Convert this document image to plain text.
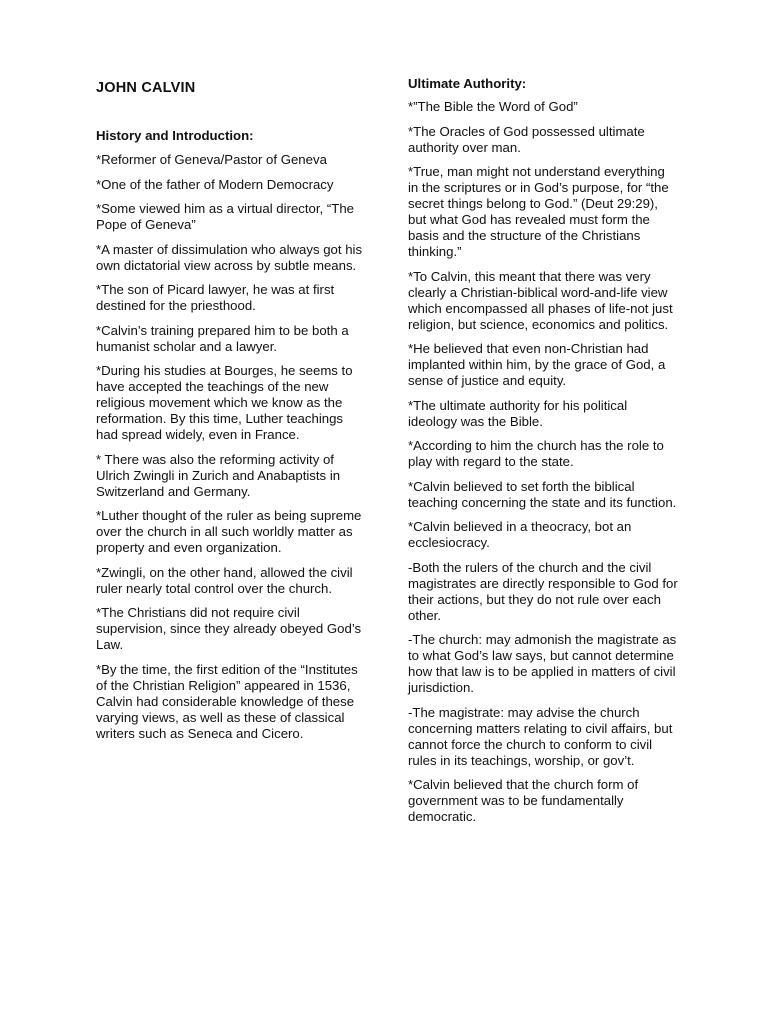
JOHN CALVIN
History and Introduction:
*Reformer of Geneva/Pastor of Geneva
*One of the father of Modern Democracy
*Some viewed him as a virtual director, “The Pope of Geneva”
*A master of dissimulation who always got his own dictatorial view across by subtle means.
*The son of Picard lawyer, he was at first destined for the priesthood.
*Calvin’s training prepared him to be both a humanist scholar and a lawyer.
*During his studies at Bourges, he seems to have accepted the teachings of the new religious movement which we know as the reformation. By this time, Luther teachings had spread widely, even in France.
* There was also the reforming activity of Ulrich Zwingli in Zurich and Anabaptists in Switzerland and Germany.
*Luther thought of the ruler as being supreme over the church in all such worldly matter as property and even organization.
*Zwingli, on the other hand, allowed the civil ruler nearly total control over the church.
*The Christians did not require civil supervision, since they already obeyed God’s Law.
*By the time, the first edition of the “Institutes of the Christian Religion” appeared in 1536, Calvin had considerable knowledge of these varying views, as well as these of classical writers such as Seneca and Cicero.
Ultimate Authority:
*”The Bible the Word of God”
*The Oracles of God possessed ultimate authority over man.
*True, man might not understand everything in the scriptures or in God’s purpose, for “the secret things belong to God.” (Deut 29:29), but what God has revealed must form the basis and the structure of the Christians thinking.”
*To Calvin, this meant that there was very clearly a Christian-biblical word-and-life view which encompassed all phases of life-not just religion, but science, economics and politics.
*He believed that even non-Christian had implanted within him, by the grace of God, a sense of justice and equity.
*The ultimate authority for his political ideology was the Bible.
*According to him the church has the role to play with regard to the state.
*Calvin believed to set forth the biblical teaching concerning the state and its function.
*Calvin believed in a theocracy, bot an ecclesiocracy.
-Both the rulers of the church and the civil magistrates are directly responsible to God for their actions, but they do not rule over each other.
-The church: may admonish the magistrate as to what God’s law says, but cannot determine how that law is to be applied in matters of civil jurisdiction.
-The magistrate: may advise the church concerning matters relating to civil affairs, but cannot force the church to conform to civil rules in its teachings, worship, or gov’t.
*Calvin believed that the church form of government was to be fundamentally democratic.
